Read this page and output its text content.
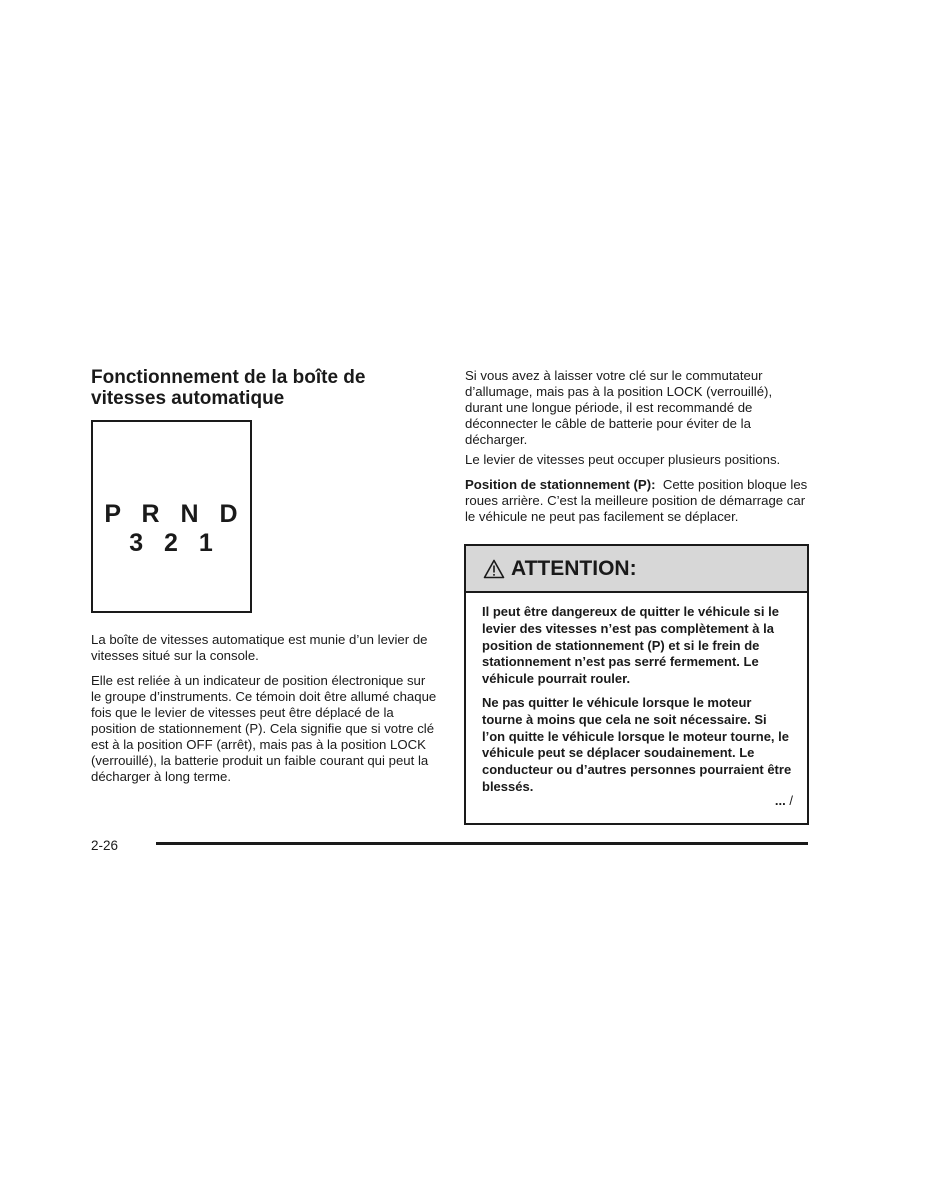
Fonctionnement de la boîte de vitesses automatique
P R N D 3 2 1

La boîte de vitesses automatique est munie d’un levier de vitesses situé sur la console.

Elle est reliée à un indicateur de position électronique sur le groupe d’instruments. Ce témoin doit être allumé chaque fois que le levier de vitesses peut être déplacé de la position de stationnement (P). Cela signifie que si votre clé est à la position OFF (arrêt), mais pas à la position LOCK (verrouillé), la batterie produit un faible courant qui peut la décharger à long terme.

Si vous avez à laisser votre clé sur le commutateur d’allumage, mais pas à la position LOCK (verrouillé), durant une longue période, il est recommandé de déconnecter le câble de batterie pour éviter de la décharger.

Le levier de vitesses peut occuper plusieurs positions.

Position de stationnement (P): Cette position bloque les roues arrière. C’est la meilleure position de démarrage car le véhicule ne peut pas facilement se déplacer.

ATTENTION:

Il peut être dangereux de quitter le véhicule si le levier des vitesses n’est pas complètement à la position de stationnement (P) et si le frein de stationnement n’est pas serré fermement. Le véhicule pourrait rouler.

Ne pas quitter le véhicule lorsque le moteur tourne à moins que cela ne soit nécessaire. Si l’on quitte le véhicule lorsque le moteur tourne, le véhicule peut se déplacer soudainement. Le conducteur ou d’autres personnes pourraient être blessés.

... /
2-26
